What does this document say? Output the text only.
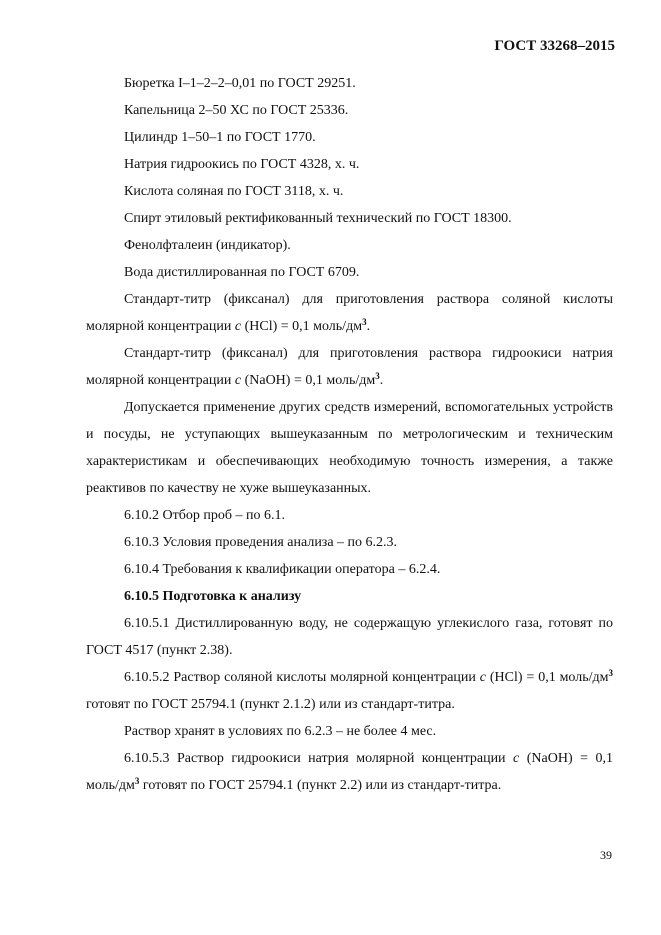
ГОСТ 33268–2015
Бюретка I–1–2–2–0,01 по ГОСТ 29251.
Капельница 2–50 ХС по ГОСТ 25336.
Цилиндр 1–50–1 по ГОСТ 1770.
Натрия гидроокись по ГОСТ 4328, х. ч.
Кислота соляная по ГОСТ 3118, х. ч.
Спирт этиловый ректификованный технический по ГОСТ 18300.
Фенолфталеин (индикатор).
Вода дистиллированная по ГОСТ 6709.
Стандарт-титр (фиксанал) для приготовления раствора соляной кислоты молярной концентрации с (HCl) = 0,1 моль/$дм^3$.
Стандарт-титр (фиксанал) для приготовления раствора гидроокиси натрия молярной концентрации с (NaOH) = 0,1 моль/$дм^3$.
Допускается применение других средств измерений, вспомогательных устройств и посуды, не уступающих вышеуказанным по метрологическим и техническим характеристикам и обеспечивающих необходимую точность измерения, а также реактивов по качеству не хуже вышеуказанных.
6.10.2 Отбор проб – по 6.1.
6.10.3 Условия проведения анализа – по 6.2.3.
6.10.4 Требования к квалификации оператора – 6.2.4.
6.10.5 Подготовка к анализу
6.10.5.1 Дистиллированную воду, не содержащую углекислого газа, готовят по ГОСТ 4517 (пункт 2.38).
6.10.5.2 Раствор соляной кислоты молярной концентрации с (HCl) = 0,1 моль/$дм^3$ готовят по ГОСТ 25794.1 (пункт 2.1.2) или из стандарт-титра.
Раствор хранят в условиях по 6.2.3 – не более 4 мес.
6.10.5.3 Раствор гидроокиси натрия молярной концентрации с (NaOH) = 0,1 моль/$дм^3$ готовят по ГОСТ 25794.1 (пункт 2.2) или из стандарт-титра.
39
